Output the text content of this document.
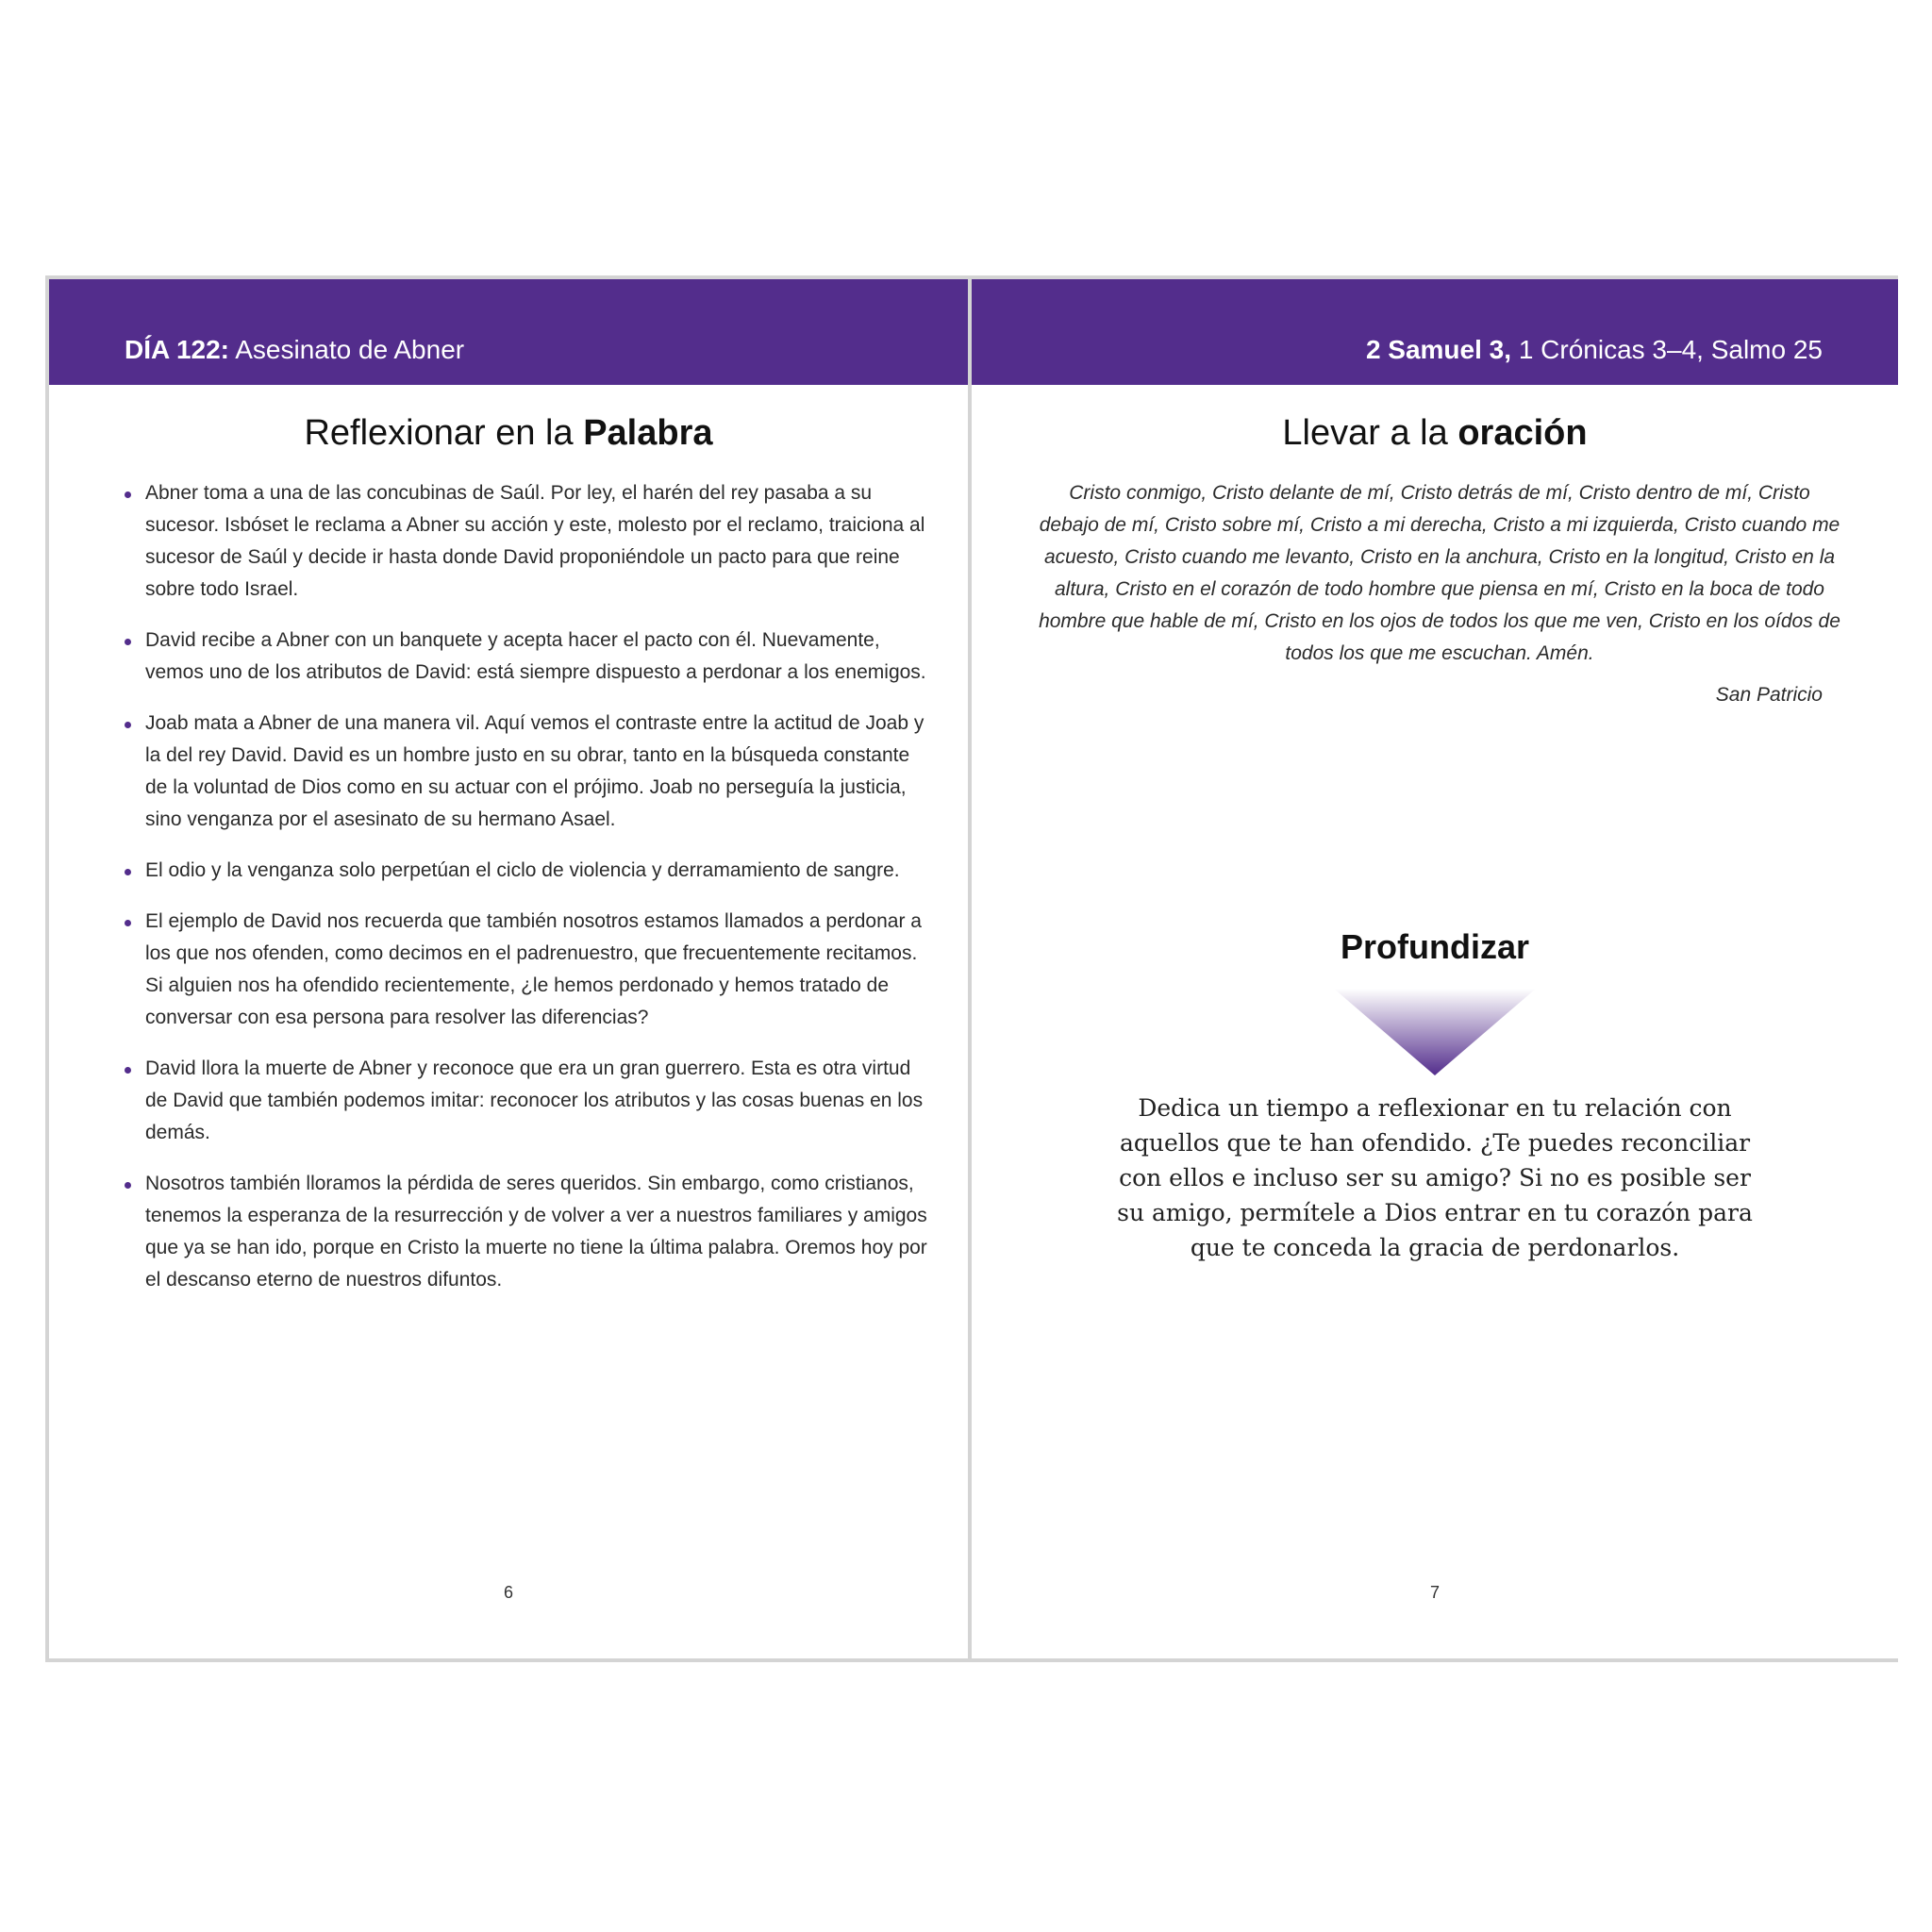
DÍA 122: Asesinato de Abner
Reflexionar en la Palabra
Abner toma a una de las concubinas de Saúl. Por ley, el harén del rey pasaba a su sucesor. Isbóset le reclama a Abner su acción y este, molesto por el reclamo, traiciona al sucesor de Saúl y decide ir hasta donde David proponiéndole un pacto para que reine sobre todo Israel.
David recibe a Abner con un banquete y acepta hacer el pacto con él. Nuevamente, vemos uno de los atributos de David: está siempre dispuesto a perdonar a los enemigos.
Joab mata a Abner de una manera vil. Aquí vemos el contraste entre la actitud de Joab y la del rey David. David es un hombre justo en su obrar, tanto en la búsqueda constante de la voluntad de Dios como en su actuar con el prójimo. Joab no perseguía la justicia, sino venganza por el asesinato de su hermano Asael.
El odio y la venganza solo perpetúan el ciclo de violencia y derramamiento de sangre.
El ejemplo de David nos recuerda que también nosotros estamos llamados a perdonar a los que nos ofenden, como decimos en el padrenuestro, que frecuentemente recitamos. Si alguien nos ha ofendido recientemente, ¿le hemos perdonado y hemos tratado de conversar con esa persona para resolver las diferencias?
David llora la muerte de Abner y reconoce que era un gran guerrero. Esta es otra virtud de David que también podemos imitar: reconocer los atributos y las cosas buenas en los demás.
Nosotros también lloramos la pérdida de seres queridos. Sin embargo, como cristianos, tenemos la esperanza de la resurrección y de volver a ver a nuestros familiares y amigos que ya se han ido, porque en Cristo la muerte no tiene la última palabra. Oremos hoy por el descanso eterno de nuestros difuntos.
6
2 Samuel 3, 1 Crónicas 3–4, Salmo 25
Llevar a la oración
Cristo conmigo, Cristo delante de mí, Cristo detrás de mí, Cristo dentro de mí, Cristo debajo de mí, Cristo sobre mí, Cristo a mi derecha, Cristo a mi izquierda, Cristo cuando me acuesto, Cristo cuando me levanto, Cristo en la anchura, Cristo en la longitud, Cristo en la altura, Cristo en el corazón de todo hombre que piensa en mí, Cristo en la boca de todo hombre que hable de mí, Cristo en los ojos de todos los que me ven, Cristo en los oídos de todos los que me escuchan. Amén.
San Patricio
Profundizar
Dedica un tiempo a reflexionar en tu relación con aquellos que te han ofendido. ¿Te puedes reconciliar con ellos e incluso ser su amigo? Si no es posible ser su amigo, permítele a Dios entrar en tu corazón para que te conceda la gracia de perdonarlos.
7
